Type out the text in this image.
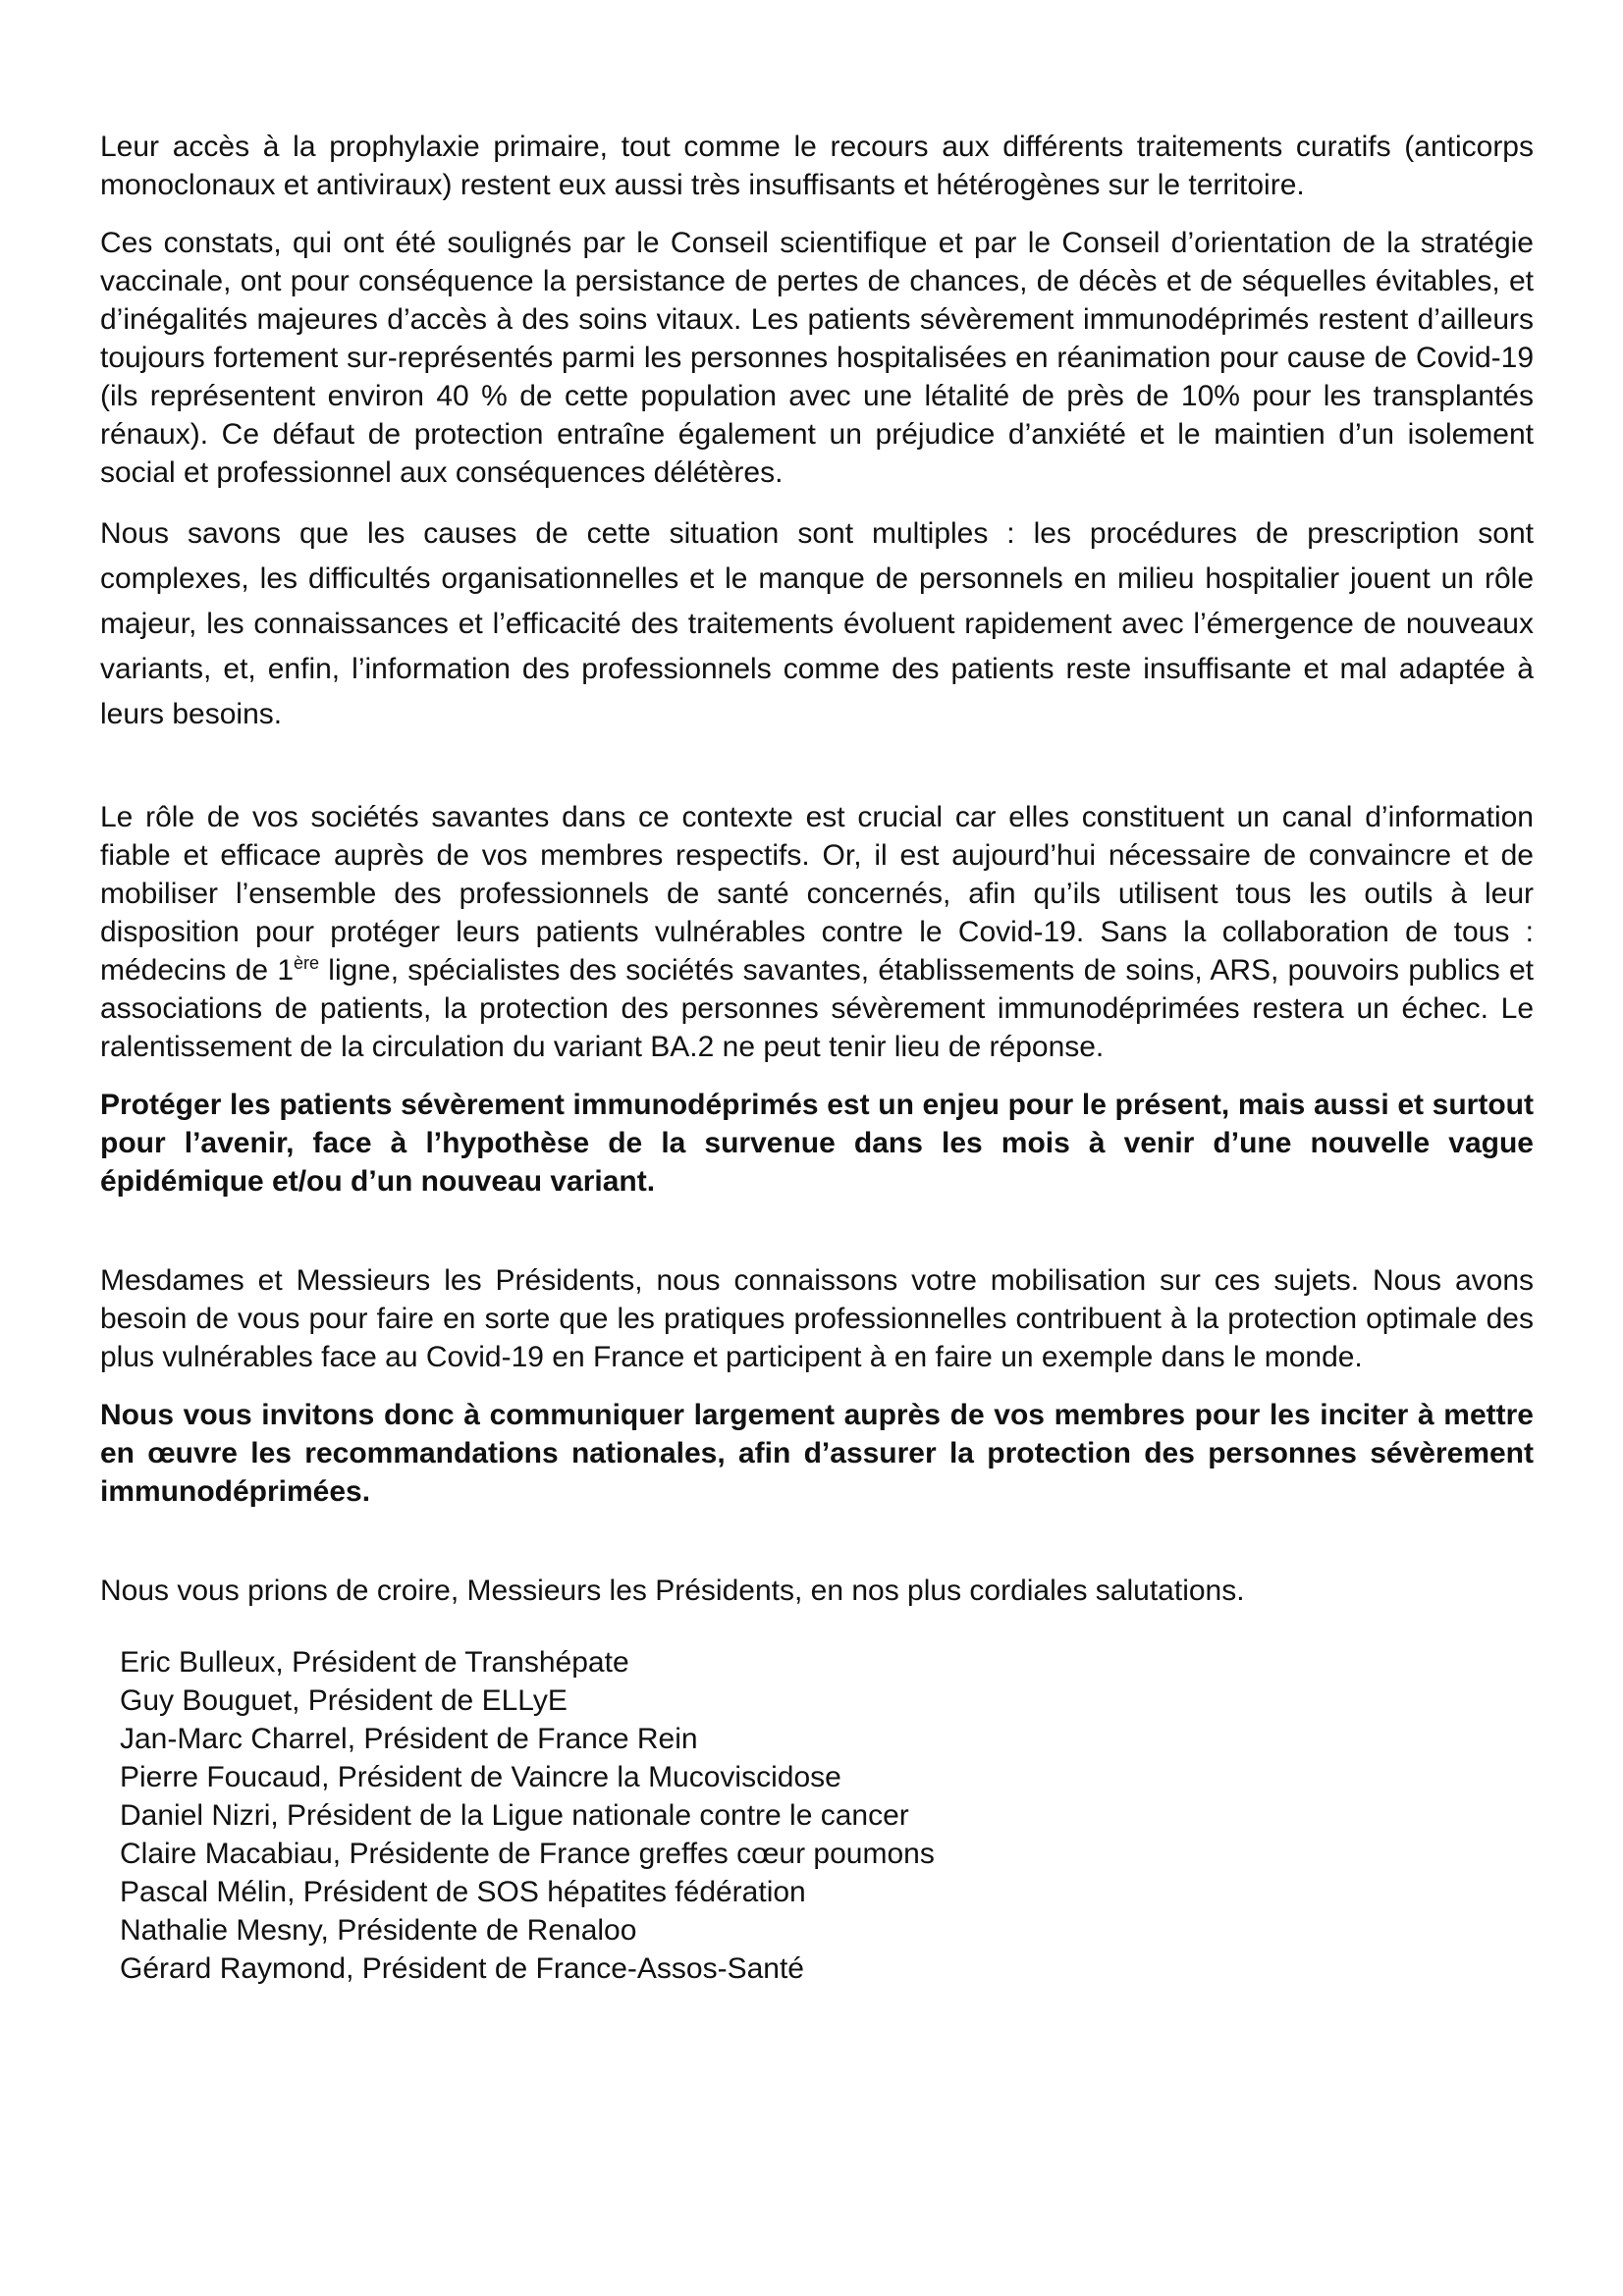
Leur accès à la prophylaxie primaire, tout comme le recours aux différents traitements curatifs (anticorps monoclonaux et antiviraux) restent eux aussi très insuffisants et hétérogènes sur le territoire.

Ces constats, qui ont été soulignés par le Conseil scientifique et par le Conseil d’orientation de la stratégie vaccinale, ont pour conséquence la persistance de pertes de chances, de décès et de séquelles évitables, et d’inégalités majeures d’accès à des soins vitaux. Les patients sévèrement immunodéprimés restent d’ailleurs toujours fortement sur-représentés parmi les personnes hospitalisées en réanimation pour cause de Covid-19 (ils représentent environ 40 % de cette population avec une létalité de près de 10% pour les transplantés rénaux). Ce défaut de protection entraîne également un préjudice d’anxiété et le maintien d’un isolement social et professionnel aux conséquences délétères.

Nous savons que les causes de cette situation sont multiples : les procédures de prescription sont complexes, les difficultés organisationnelles et le manque de personnels en milieu hospitalier jouent un rôle majeur, les connaissances et l’efficacité des traitements évoluent rapidement avec l’émergence de nouveaux variants, et, enfin, l’information des professionnels comme des patients reste insuffisante et mal adaptée à leurs besoins.

Le rôle de vos sociétés savantes dans ce contexte est crucial car elles constituent un canal d’information fiable et efficace auprès de vos membres respectifs. Or, il est aujourd’hui nécessaire de convaincre et de mobiliser l’ensemble des professionnels de santé concernés, afin qu’ils utilisent tous les outils à leur disposition pour protéger leurs patients vulnérables contre le Covid-19. Sans la collaboration de tous : médecins de 1ère ligne, spécialistes des sociétés savantes, établissements de soins, ARS, pouvoirs publics et associations de patients, la protection des personnes sévèrement immunodéprimées restera un échec. Le ralentissement de la circulation du variant BA.2 ne peut tenir lieu de réponse.

Protéger les patients sévèrement immunodéprimés est un enjeu pour le présent, mais aussi et surtout pour l’avenir, face à l’hypothèse de la survenue dans les mois à venir d’une nouvelle vague épidémique et/ou d’un nouveau variant.

Mesdames et Messieurs les Présidents, nous connaissons votre mobilisation sur ces sujets. Nous avons besoin de vous pour faire en sorte que les pratiques professionnelles contribuent à la protection optimale des plus vulnérables face au Covid-19 en France et participent à en faire un exemple dans le monde.

Nous vous invitons donc à communiquer largement auprès de vos membres pour les inciter à mettre en œuvre les recommandations nationales, afin d’assurer la protection des personnes sévèrement immunodéprimées.

Nous vous prions de croire, Messieurs les Présidents, en nos plus cordiales salutations.

Eric Bulleux, Président de Transhépate
Guy Bouguet, Président de ELLyE
Jan-Marc Charrel, Président de France Rein
Pierre Foucaud, Président de Vaincre la Mucoviscidose
Daniel Nizri, Président de la Ligue nationale contre le cancer
Claire Macabiau, Présidente de France greffes cœur poumons
Pascal Mélin, Président de SOS hépatites fédération
Nathalie Mesny, Présidente de Renaloo
Gérard Raymond, Président de France-Assos-Santé
